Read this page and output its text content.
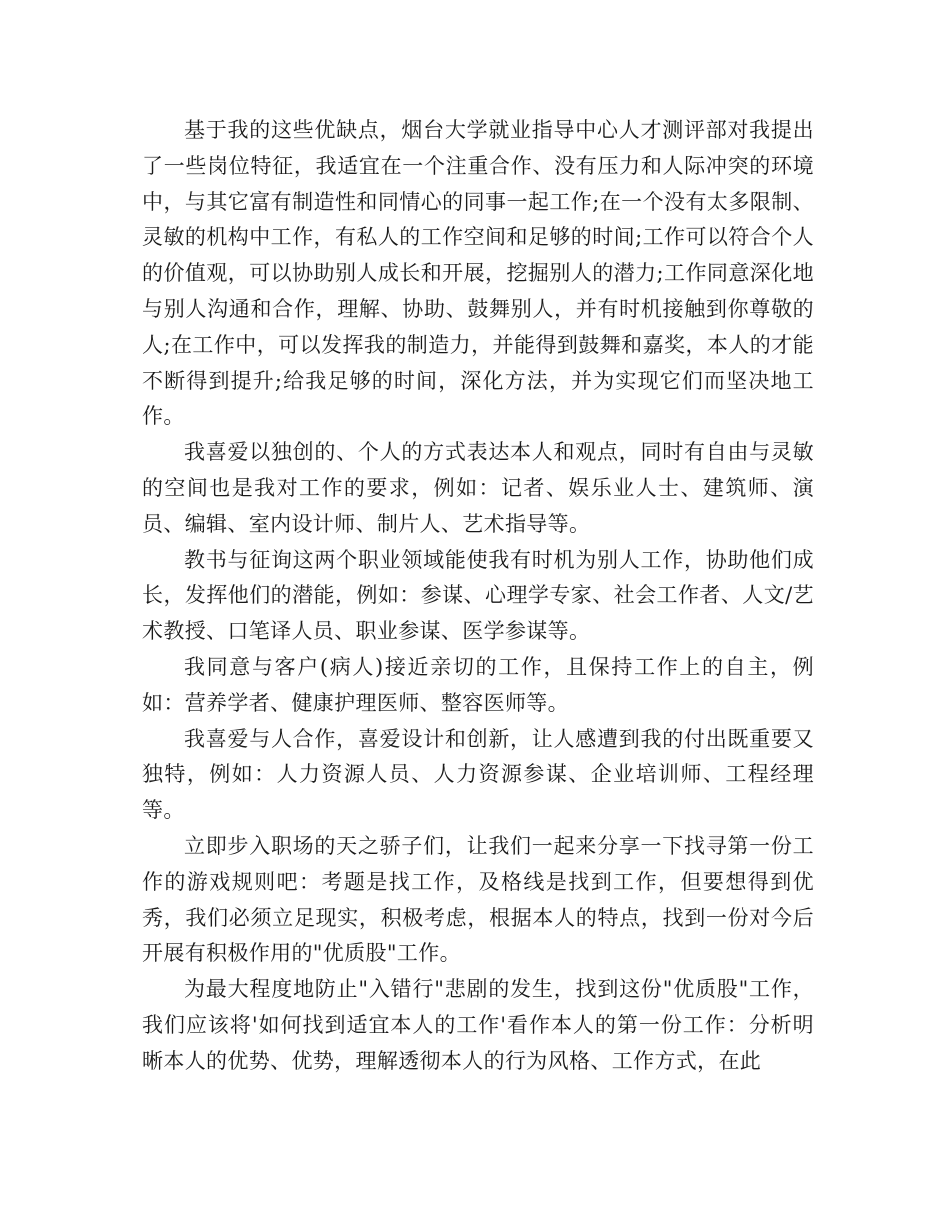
基于我的这些优缺点，烟台大学就业指导中心人才测评部对我提出了一些岗位特征，我适宜在一个注重合作、没有压力和人际冲突的环境中，与其它富有制造性和同情心的同事一起工作;在一个没有太多限制、灵敏的机构中工作，有私人的工作空间和足够的时间;工作可以符合个人的价值观，可以协助别人成长和开展，挖掘别人的潜力;工作同意深化地与别人沟通和合作，理解、协助、鼓舞别人，并有时机接触到你尊敬的人;在工作中，可以发挥我的制造力，并能得到鼓舞和嘉奖，本人的才能不断得到提升;给我足够的时间，深化方法，并为实现它们而坚决地工作。

我喜爱以独创的、个人的方式表达本人和观点，同时有自由与灵敏的空间也是我对工作的要求，例如：记者、娱乐业人士、建筑师、演员、编辑、室内设计师、制片人、艺术指导等。

教书与征询这两个职业领域能使我有时机为别人工作，协助他们成长，发挥他们的潜能，例如：参谋、心理学专家、社会工作者、人文/艺术教授、口笔译人员、职业参谋、医学参谋等。

我同意与客户(病人)接近亲切的工作，且保持工作上的自主，例如：营养学者、健康护理医师、整容医师等。

我喜爱与人合作，喜爱设计和创新，让人感遭到我的付出既重要又独特，例如：人力资源人员、人力资源参谋、企业培训师、工程经理等。

立即步入职场的天之骄子们，让我们一起来分享一下找寻第一份工作的游戏规则吧：考题是找工作，及格线是找到工作，但要想得到优秀，我们必须立足现实，积极考虑，根据本人的特点，找到一份对今后开展有积极作用的"优质股"工作。

为最大程度地防止"入错行"悲剧的发生，找到这份"优质股"工作，我们应该将'如何找到适宜本人的工作'看作本人的第一份工作：分析明晰本人的优势、优势，理解透彻本人的行为风格、工作方式，在此
